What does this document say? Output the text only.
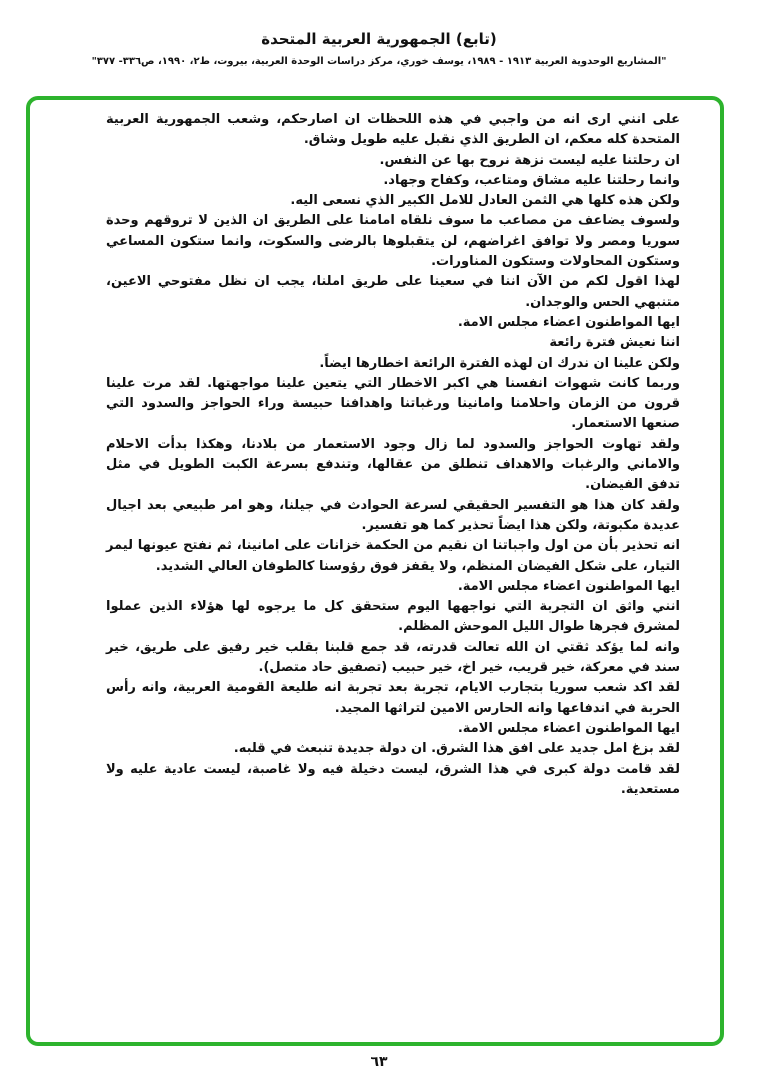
(تابع) الجمهورية العربية المتحدة
"المشاريع الوحدوية العربية ١٩١٣ - ١٩٨٩، يوسف خوري، مركز دراسات الوحدة العربية، بيروت، ط٢، ١٩٩٠، ص٣٣٦- ٣٧٧"

على انني ارى انه من واجبي في هذه اللحظات ان اصارحكم، وشعب الجمهورية العربية المتحدة كله معكم، ان الطريق الذي نقبل عليه طويل وشاق.

ان رحلتنا عليه ليست نزهة نروح بها عن النفس.

وانما رحلتنا عليه مشاق ومتاعب، وكفاح وجهاد.

ولكن هذه كلها هي الثمن العادل للامل الكبير الذي نسعى اليه.

ولسوف يضاعف من مصاعب ما سوف نلقاه امامنا على الطريق ان الذين لا تروقهم وحدة سوريا ومصر ولا توافق اغراضهم، لن يتقبلوها بالرضى والسكوت، وانما ستكون المساعي وستكون المحاولات وستكون المناورات.

لهذا اقول لكم من الآن اننا في سعينا على طريق املنا، يجب ان نظل مفتوحي الاعين، متنبهي الحس والوجدان.

ايها المواطنون اعضاء مجلس الامة.

اننا نعيش فترة رائعة

ولكن علينا ان ندرك ان لهذه الفترة الرائعة اخطارها ايضاً.

وربما كانت شهوات انفسنا هي اكبر الاخطار التي يتعين علينا مواجهتها. لقد مرت علينا قرون من الزمان واحلامنا وامانينا ورغباتنا واهدافنا حبيسة وراء الحواجز والسدود التي صنعها الاستعمار.

ولقد تهاوت الحواجز والسدود لما زال وجود الاستعمار من بلادنا، وهكذا بدأت الاحلام والاماني والرغبات والاهداف تنطلق من عقالها، وتندفع بسرعة الكبت الطويل في مثل تدفق الفيضان.

ولقد كان هذا هو التفسير الحقيقي لسرعة الحوادث في جيلنا، وهو امر طبيعي بعد اجيال عديدة مكبوتة، ولكن هذا ايضاً تحذير كما هو تفسير.

انه تحذير بأن من اول واجباتنا ان نقيم من الحكمة خزانات على امانينا، ثم نفتح عيونها ليمر التيار، على شكل الفيضان المنظم، ولا يقفز فوق رؤوسنا كالطوفان العالي الشديد.

ايها المواطنون اعضاء مجلس الامة.

انني واثق ان التجربة التي نواجهها اليوم ستحقق كل ما يرجوه لها هؤلاء الذين عملوا لمشرق فجرها طوال الليل الموحش المظلم.

وانه لما يؤكد ثقتي ان الله تعالت قدرته، قد جمع قلبنا بقلب خير رفيق على طريق، خير سند في معركة، خير قريب، خير اخ، خير حبيب (تصفيق حاد متصل).

لقد اكد شعب سوريا بتجارب الايام، تجربة بعد تجربة انه طليعة القومية العربية، وانه رأس الحربة في اندفاعها وانه الحارس الامين لتراثها المجيد.

ايها المواطنون اعضاء مجلس الامة.

لقد بزغ امل جديد على افق هذا الشرق. ان دولة جديدة تنبعث في قلبه.

لقد قامت دولة كبرى في هذا الشرق، ليست دخيلة فيه ولا غاصبة، ليست عادية عليه ولا مستعدية.

٦٣
